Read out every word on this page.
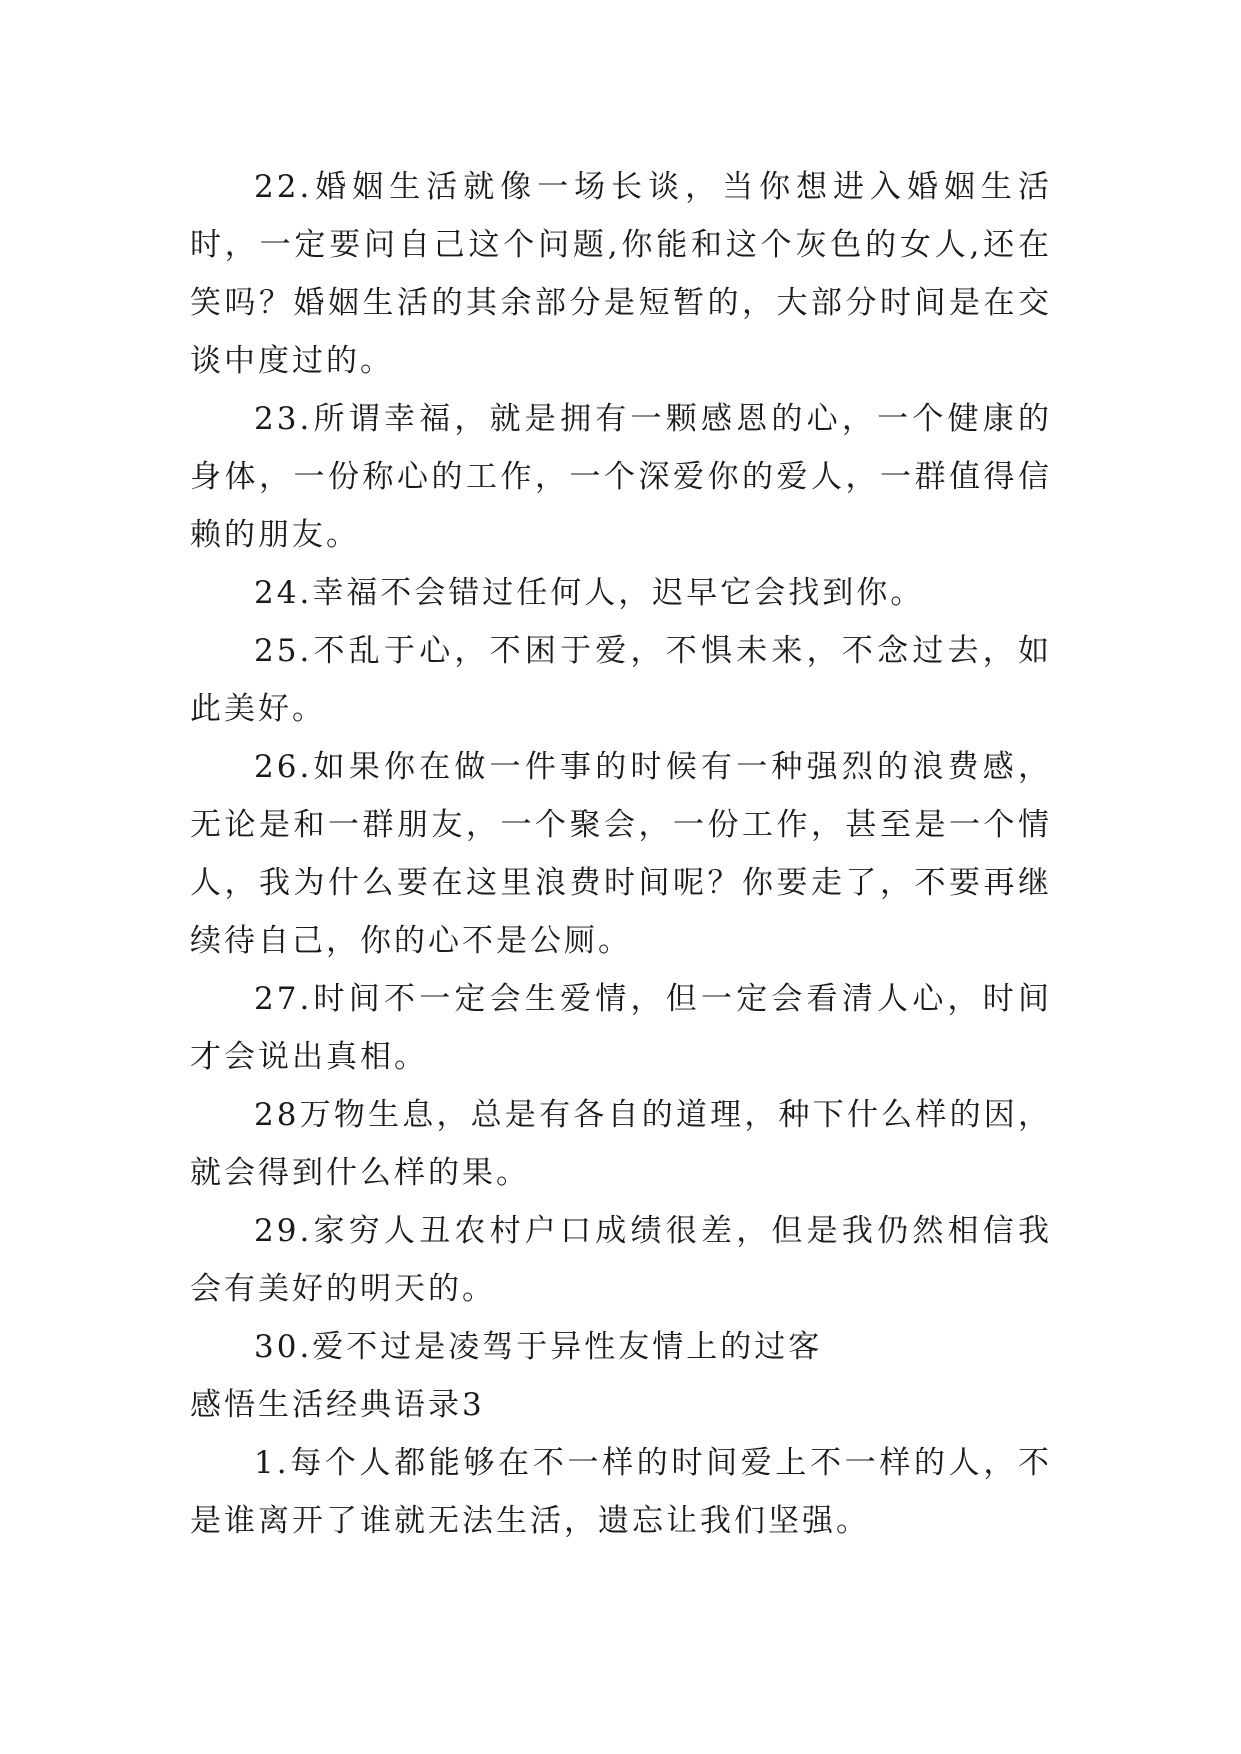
22.婚姻生活就像一场长谈，当你想进入婚姻生活时，一定要问自己这个问题,你能和这个灰色的女人,还在笑吗？婚姻生活的其余部分是短暂的，大部分时间是在交谈中度过的。

23.所谓幸福，就是拥有一颗感恩的心，一个健康的身体，一份称心的工作，一个深爱你的爱人，一群值得信赖的朋友。

24.幸福不会错过任何人，迟早它会找到你。

25.不乱于心，不困于爱，不惧未来，不念过去，如此美好。

26.如果你在做一件事的时候有一种强烈的浪费感，无论是和一群朋友，一个聚会，一份工作，甚至是一个情人，我为什么要在这里浪费时间呢？你要走了，不要再继续待自己，你的心不是公厕。

27.时间不一定会生爱情，但一定会看清人心，时间才会说出真相。

28万物生息，总是有各自的道理，种下什么样的因，就会得到什么样的果。

29.家穷人丑农村户口成绩很差，但是我仍然相信我会有美好的明天的。

30.爱不过是凌驾于异性友情上的过客

感悟生活经典语录3

1.每个人都能够在不一样的时间爱上不一样的人，不是谁离开了谁就无法生活，遗忘让我们坚强。
